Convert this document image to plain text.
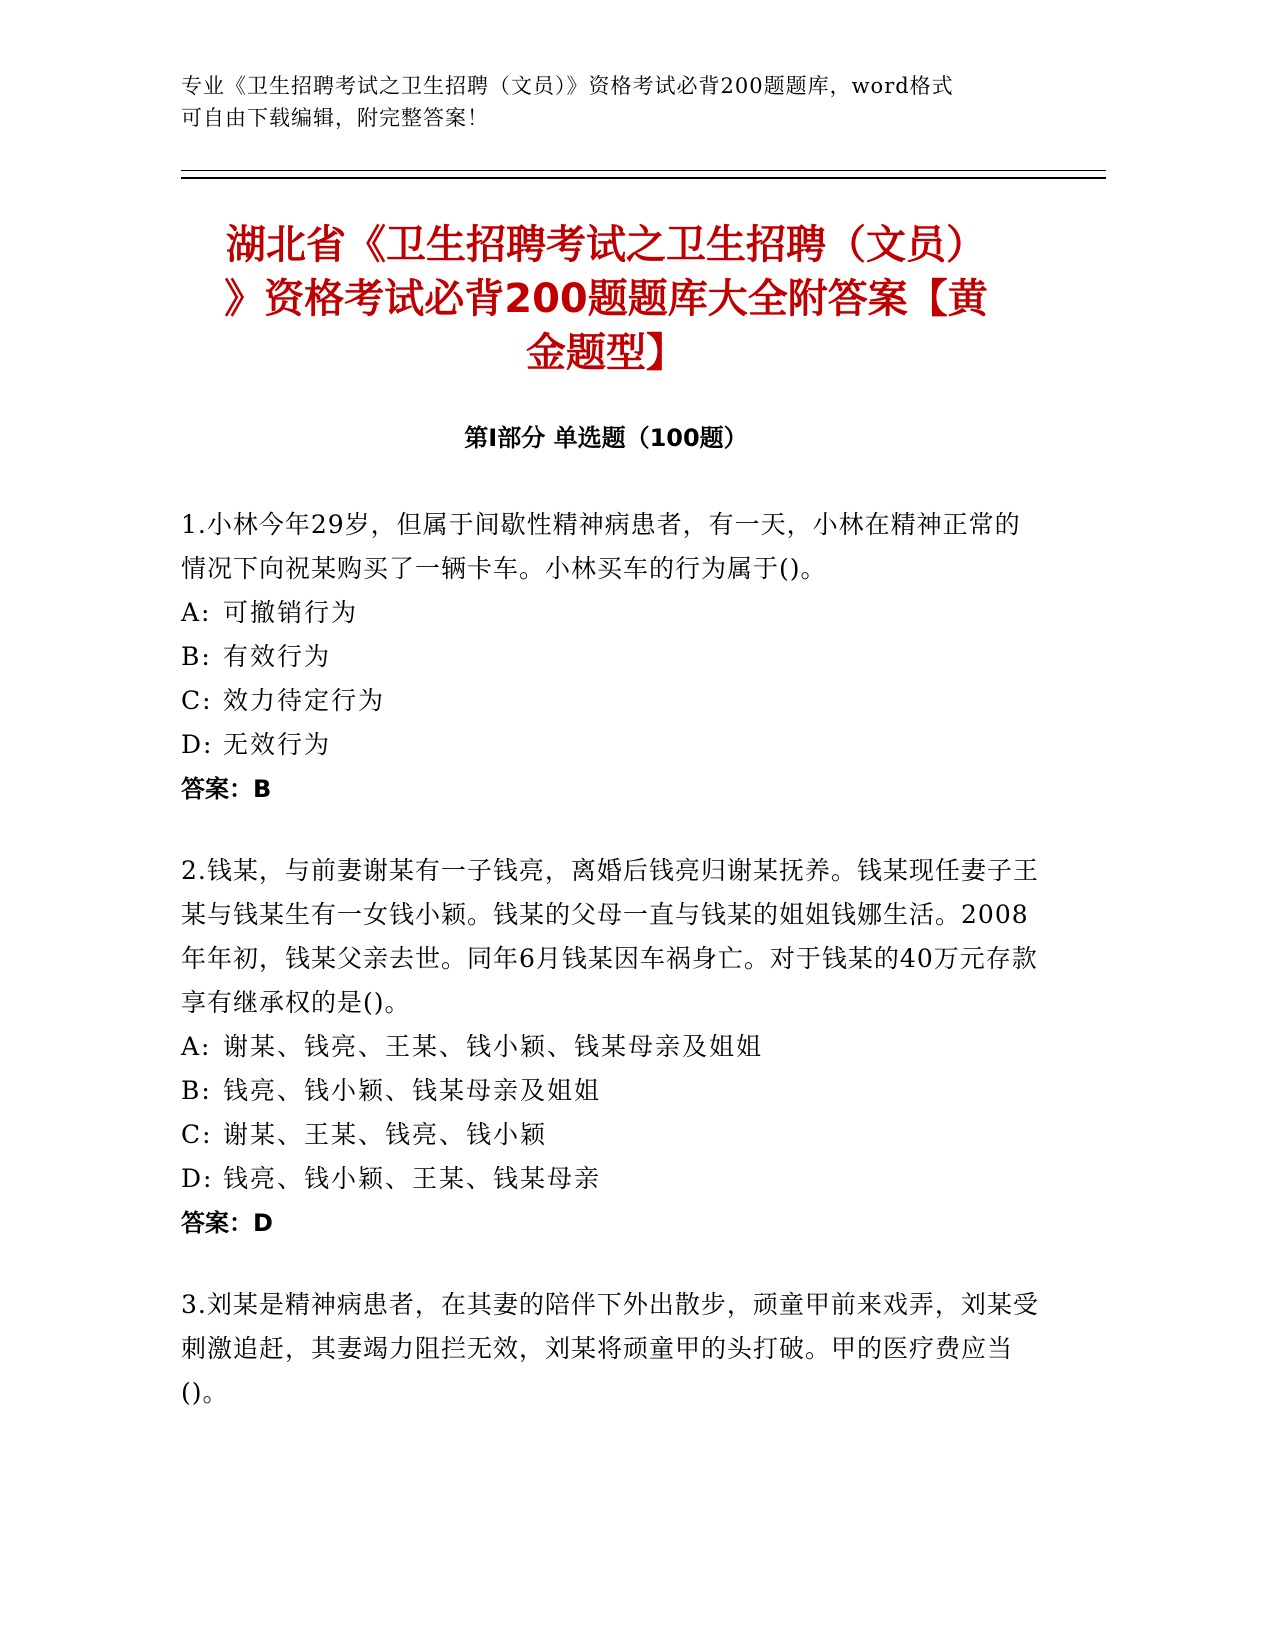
专业《卫生招聘考试之卫生招聘（文员）》资格考试必背200题题库，word格式
可自由下载编辑，附完整答案！
湖北省《卫生招聘考试之卫生招聘（文员）
》资格考试必背200题题库大全附答案【黄
金题型】
第Ⅰ部分 单选题（100题）
1.小林今年29岁，但属于间歇性精神病患者，有一天，小林在精神正常的情况下向祝某购买了一辆卡车。小林买车的行为属于()。
A: 可撤销行为
B: 有效行为
C: 效力待定行为
D: 无效行为
答案：B
2.钱某，与前妻谢某有一子钱亮，离婚后钱亮归谢某抚养。钱某现任妻子王某与钱某生有一女钱小颖。钱某的父母一直与钱某的姐姐钱娜生活。2008年年初，钱某父亲去世。同年6月钱某因车祸身亡。对于钱某的40万元存款享有继承权的是()。
A: 谢某、钱亮、王某、钱小颖、钱某母亲及姐姐
B: 钱亮、钱小颖、钱某母亲及姐姐
C: 谢某、王某、钱亮、钱小颖
D: 钱亮、钱小颖、王某、钱某母亲
答案：D
3.刘某是精神病患者，在其妻的陪伴下外出散步，顽童甲前来戏弄，刘某受刺激追赶，其妻竭力阻拦无效，刘某将顽童甲的头打破。甲的医疗费应当()。
